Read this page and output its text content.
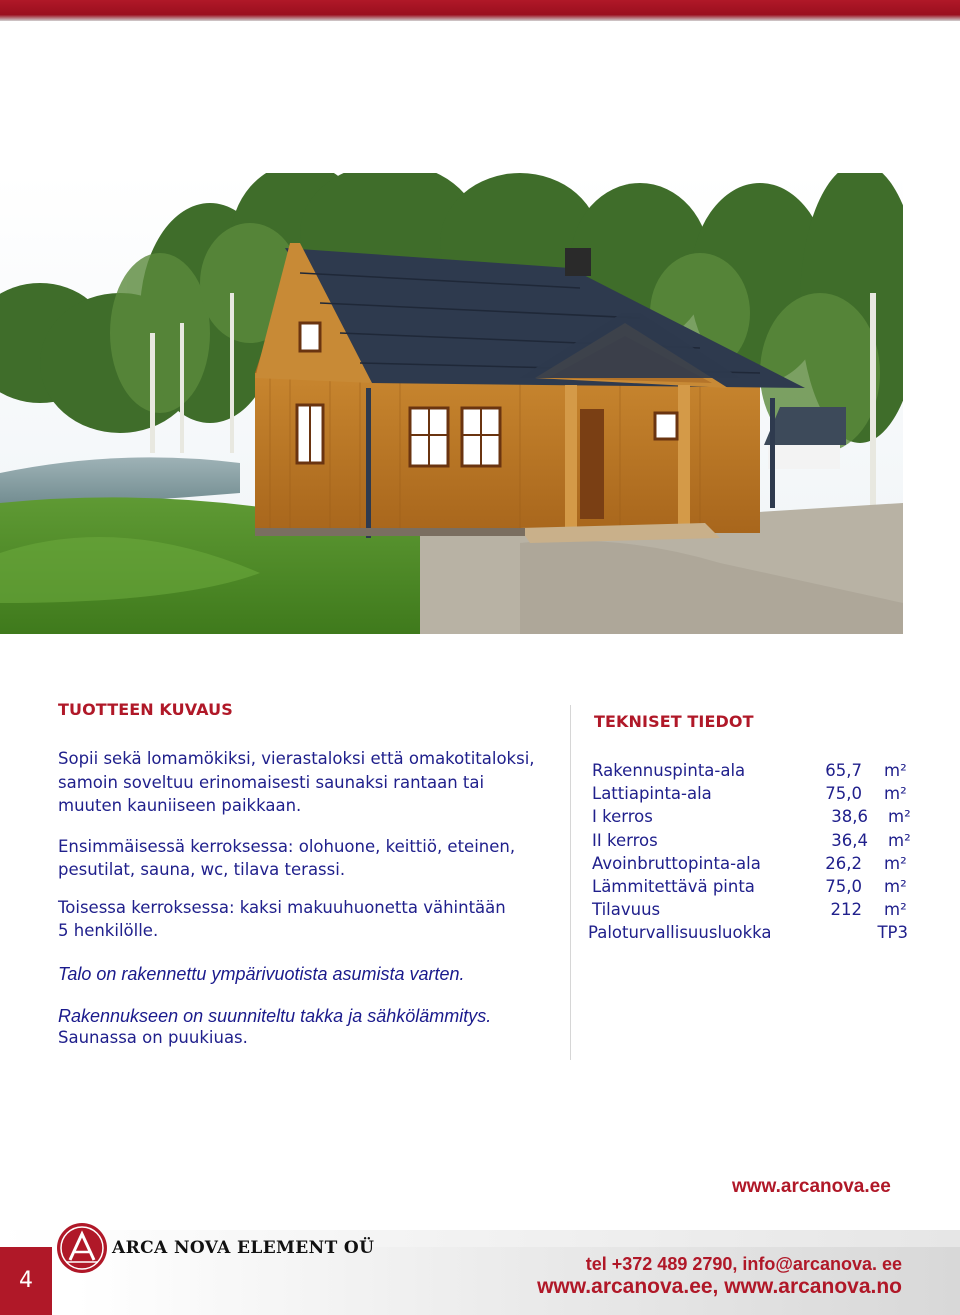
TUOTTEEN KUVAUS

Sopii sekä lomamökiksi, vierastaloksi että omakotitaloksi,
samoin soveltuu erinomaisesti saunaksi rantaan tai
muuten kauniiseen paikkaan.

Ensimmäisessä kerroksessa: olohuone, keittiö, eteinen,
pesutilat, sauna, wc, tilava terassi.

Toisessa kerroksessa: kaksi makuuhuonetta vähintään
5 henkilölle.

Talo on rakennettu ympärivuotista asumista varten.

Rakennukseen on suunniteltu takka ja sähkölämmitys.

Saunassa on puukiuas.

TEKNISET TIEDOT
Rakennuspinta-ala	65,7 m²
Lattiapinta-ala	75,0 m²
I kerros	38,6 m²
II kerros	36,4 m²
Avoinbruttopinta-ala	26,2 m²
Lämmitettävä pinta	75,0 m²
Tilavuus	212 m²
Paloturvallisuusluokka	TP3
www.arcanova.ee
4
ARCA NOVA ELEMENT OÜ
tel +372 489 2790, info@arcanova. ee
www.arcanova.ee, www.arcanova.no
